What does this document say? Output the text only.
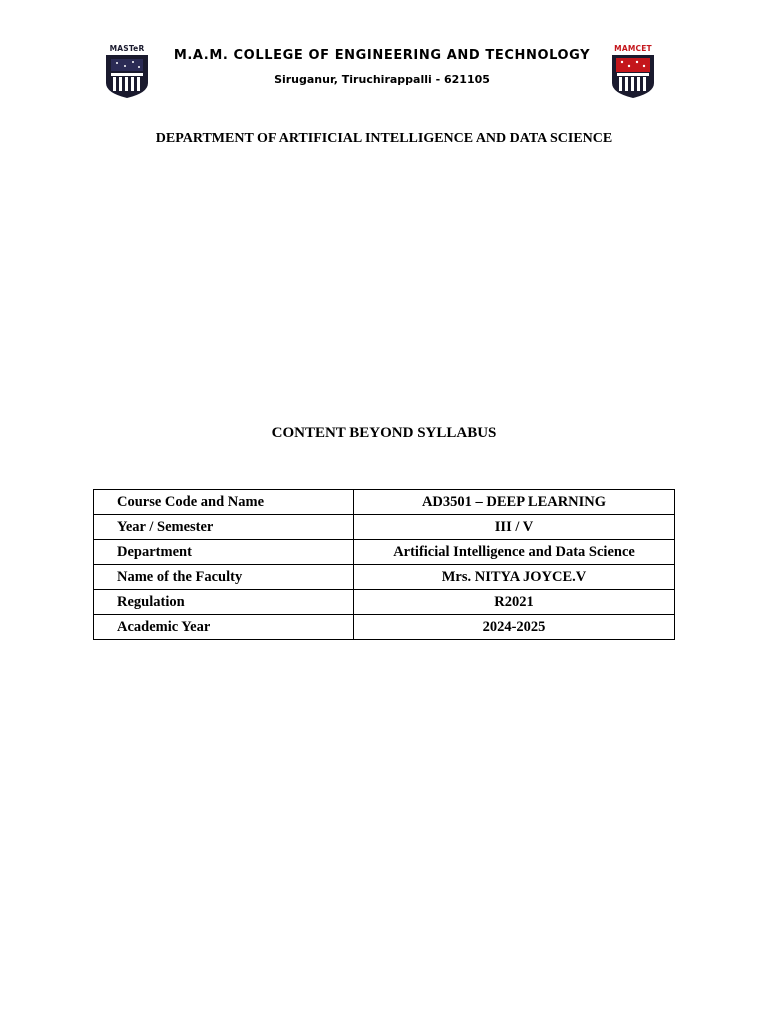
MASTeR	M.A.M. COLLEGE OF ENGINEERING AND TECHNOLOGY
Siruganur, Tiruchirappalli - 621105
MAMCET
DEPARTMENT OF ARTIFICIAL INTELLIGENCE AND DATA SCIENCE
CONTENT BEYOND SYLLABUS
Course Code and Name	AD3501 – DEEP LEARNING
Year / Semester	III / V
Department	Artificial Intelligence and Data Science
Name of the Faculty	Mrs. NITYA JOYCE.V
Regulation	R2021
Academic Year	2024-2025
